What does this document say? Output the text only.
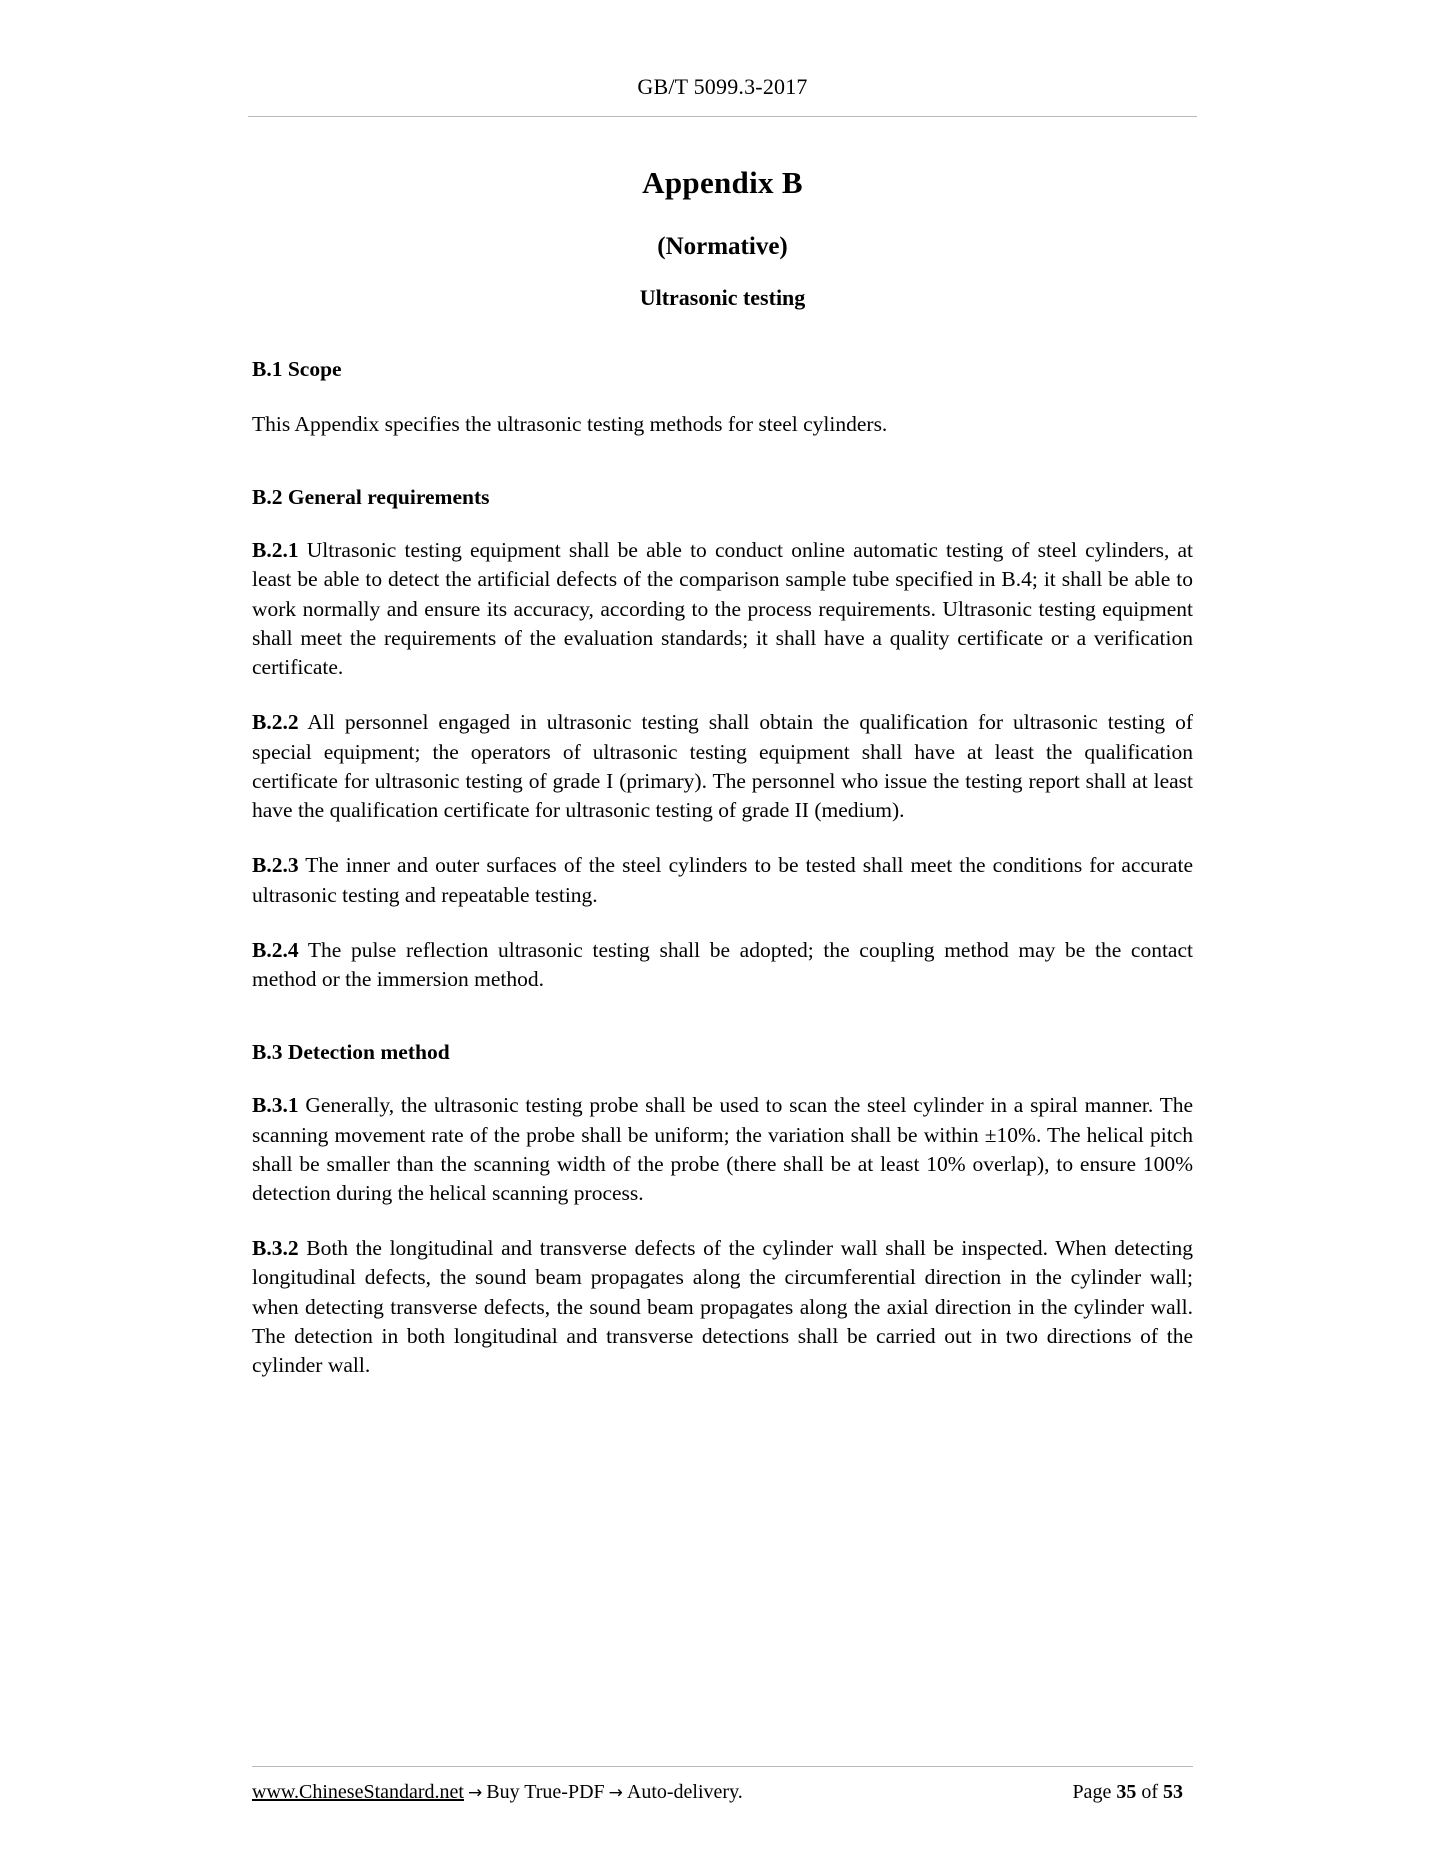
GB/T 5099.3-2017
Appendix B
(Normative)
Ultrasonic testing
B.1 Scope

This Appendix specifies the ultrasonic testing methods for steel cylinders.

B.2 General requirements

B.2.1 Ultrasonic testing equipment shall be able to conduct online automatic testing of steel cylinders, at least be able to detect the artificial defects of the comparison sample tube specified in B.4; it shall be able to work normally and ensure its accuracy, according to the process requirements. Ultrasonic testing equipment shall meet the requirements of the evaluation standards; it shall have a quality certificate or a verification certificate.

B.2.2 All personnel engaged in ultrasonic testing shall obtain the qualification for ultrasonic testing of special equipment; the operators of ultrasonic testing equipment shall have at least the qualification certificate for ultrasonic testing of grade I (primary). The personnel who issue the testing report shall at least have the qualification certificate for ultrasonic testing of grade II (medium).

B.2.3 The inner and outer surfaces of the steel cylinders to be tested shall meet the conditions for accurate ultrasonic testing and repeatable testing.

B.2.4 The pulse reflection ultrasonic testing shall be adopted; the coupling method may be the contact method or the immersion method.

B.3 Detection method

B.3.1 Generally, the ultrasonic testing probe shall be used to scan the steel cylinder in a spiral manner. The scanning movement rate of the probe shall be uniform; the variation shall be within ±10%. The helical pitch shall be smaller than the scanning width of the probe (there shall be at least 10% overlap), to ensure 100% detection during the helical scanning process.

B.3.2 Both the longitudinal and transverse defects of the cylinder wall shall be inspected. When detecting longitudinal defects, the sound beam propagates along the circumferential direction in the cylinder wall; when detecting transverse defects, the sound beam propagates along the axial direction in the cylinder wall. The detection in both longitudinal and transverse detections shall be carried out in two directions of the cylinder wall.

www.ChineseStandard.net → Buy True-PDF → Auto-delivery.	Page 35 of 53
